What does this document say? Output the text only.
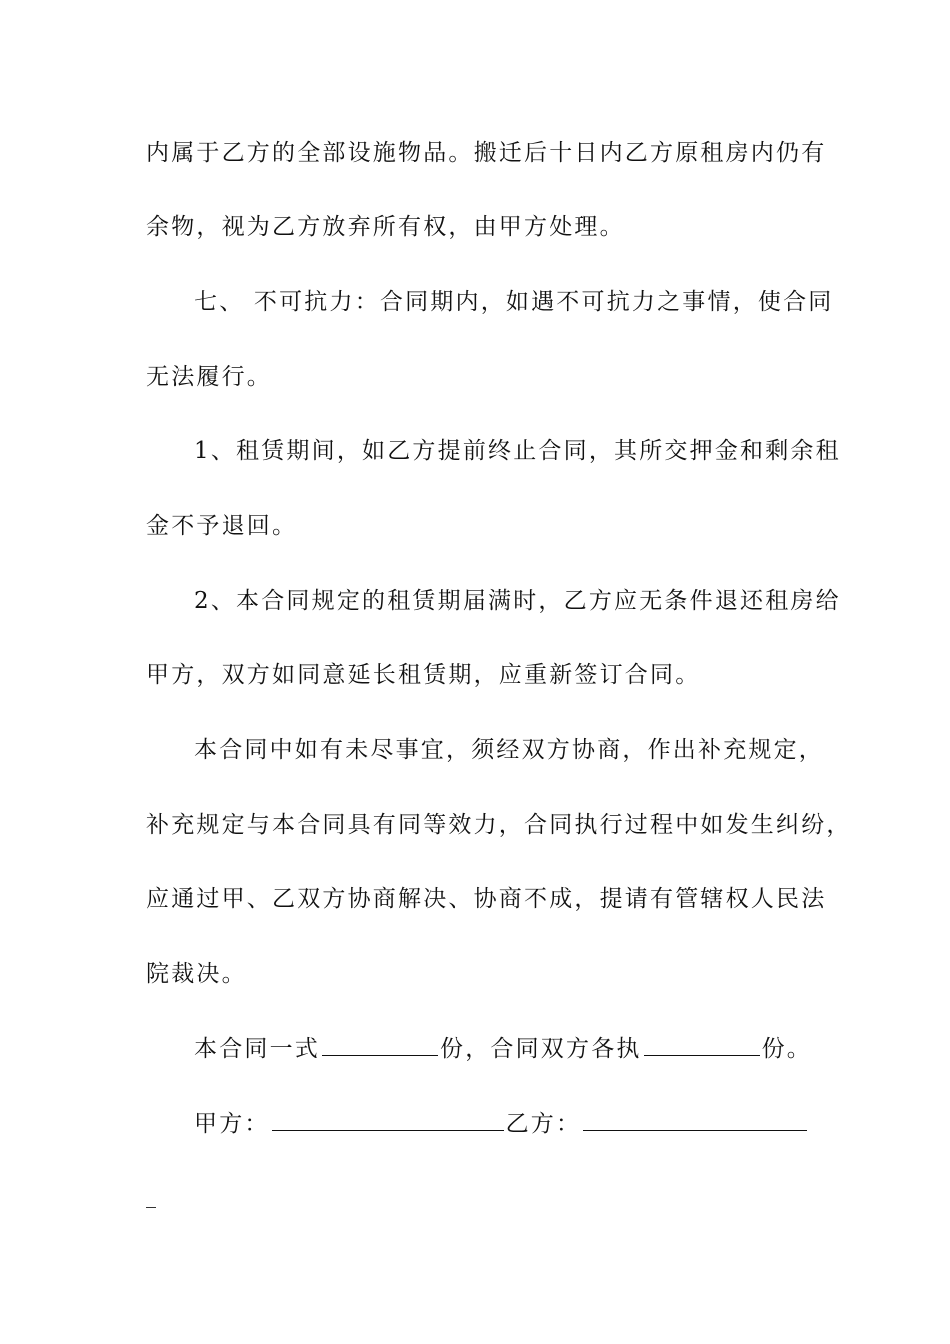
内属于乙方的全部设施物品。搬迁后十日内乙方原租房内仍有
余物，视为乙方放弃所有权，由甲方处理。
七、 不可抗力：合同期内，如遇不可抗力之事情，使合同
无法履行。
1、租赁期间，如乙方提前终止合同，其所交押金和剩余租
金不予退回。
2、本合同规定的租赁期届满时，乙方应无条件退还租房给
甲方，双方如同意延长租赁期，应重新签订合同。
本合同中如有未尽事宜，须经双方协商，作出补充规定，
补充规定与本合同具有同等效力，合同执行过程中如发生纠纷，
应通过甲、乙双方协商解决、协商不成，提请有管辖权人民法
院裁决。
本合同一式	份，合同双方各执	份。
甲方：	乙方：
